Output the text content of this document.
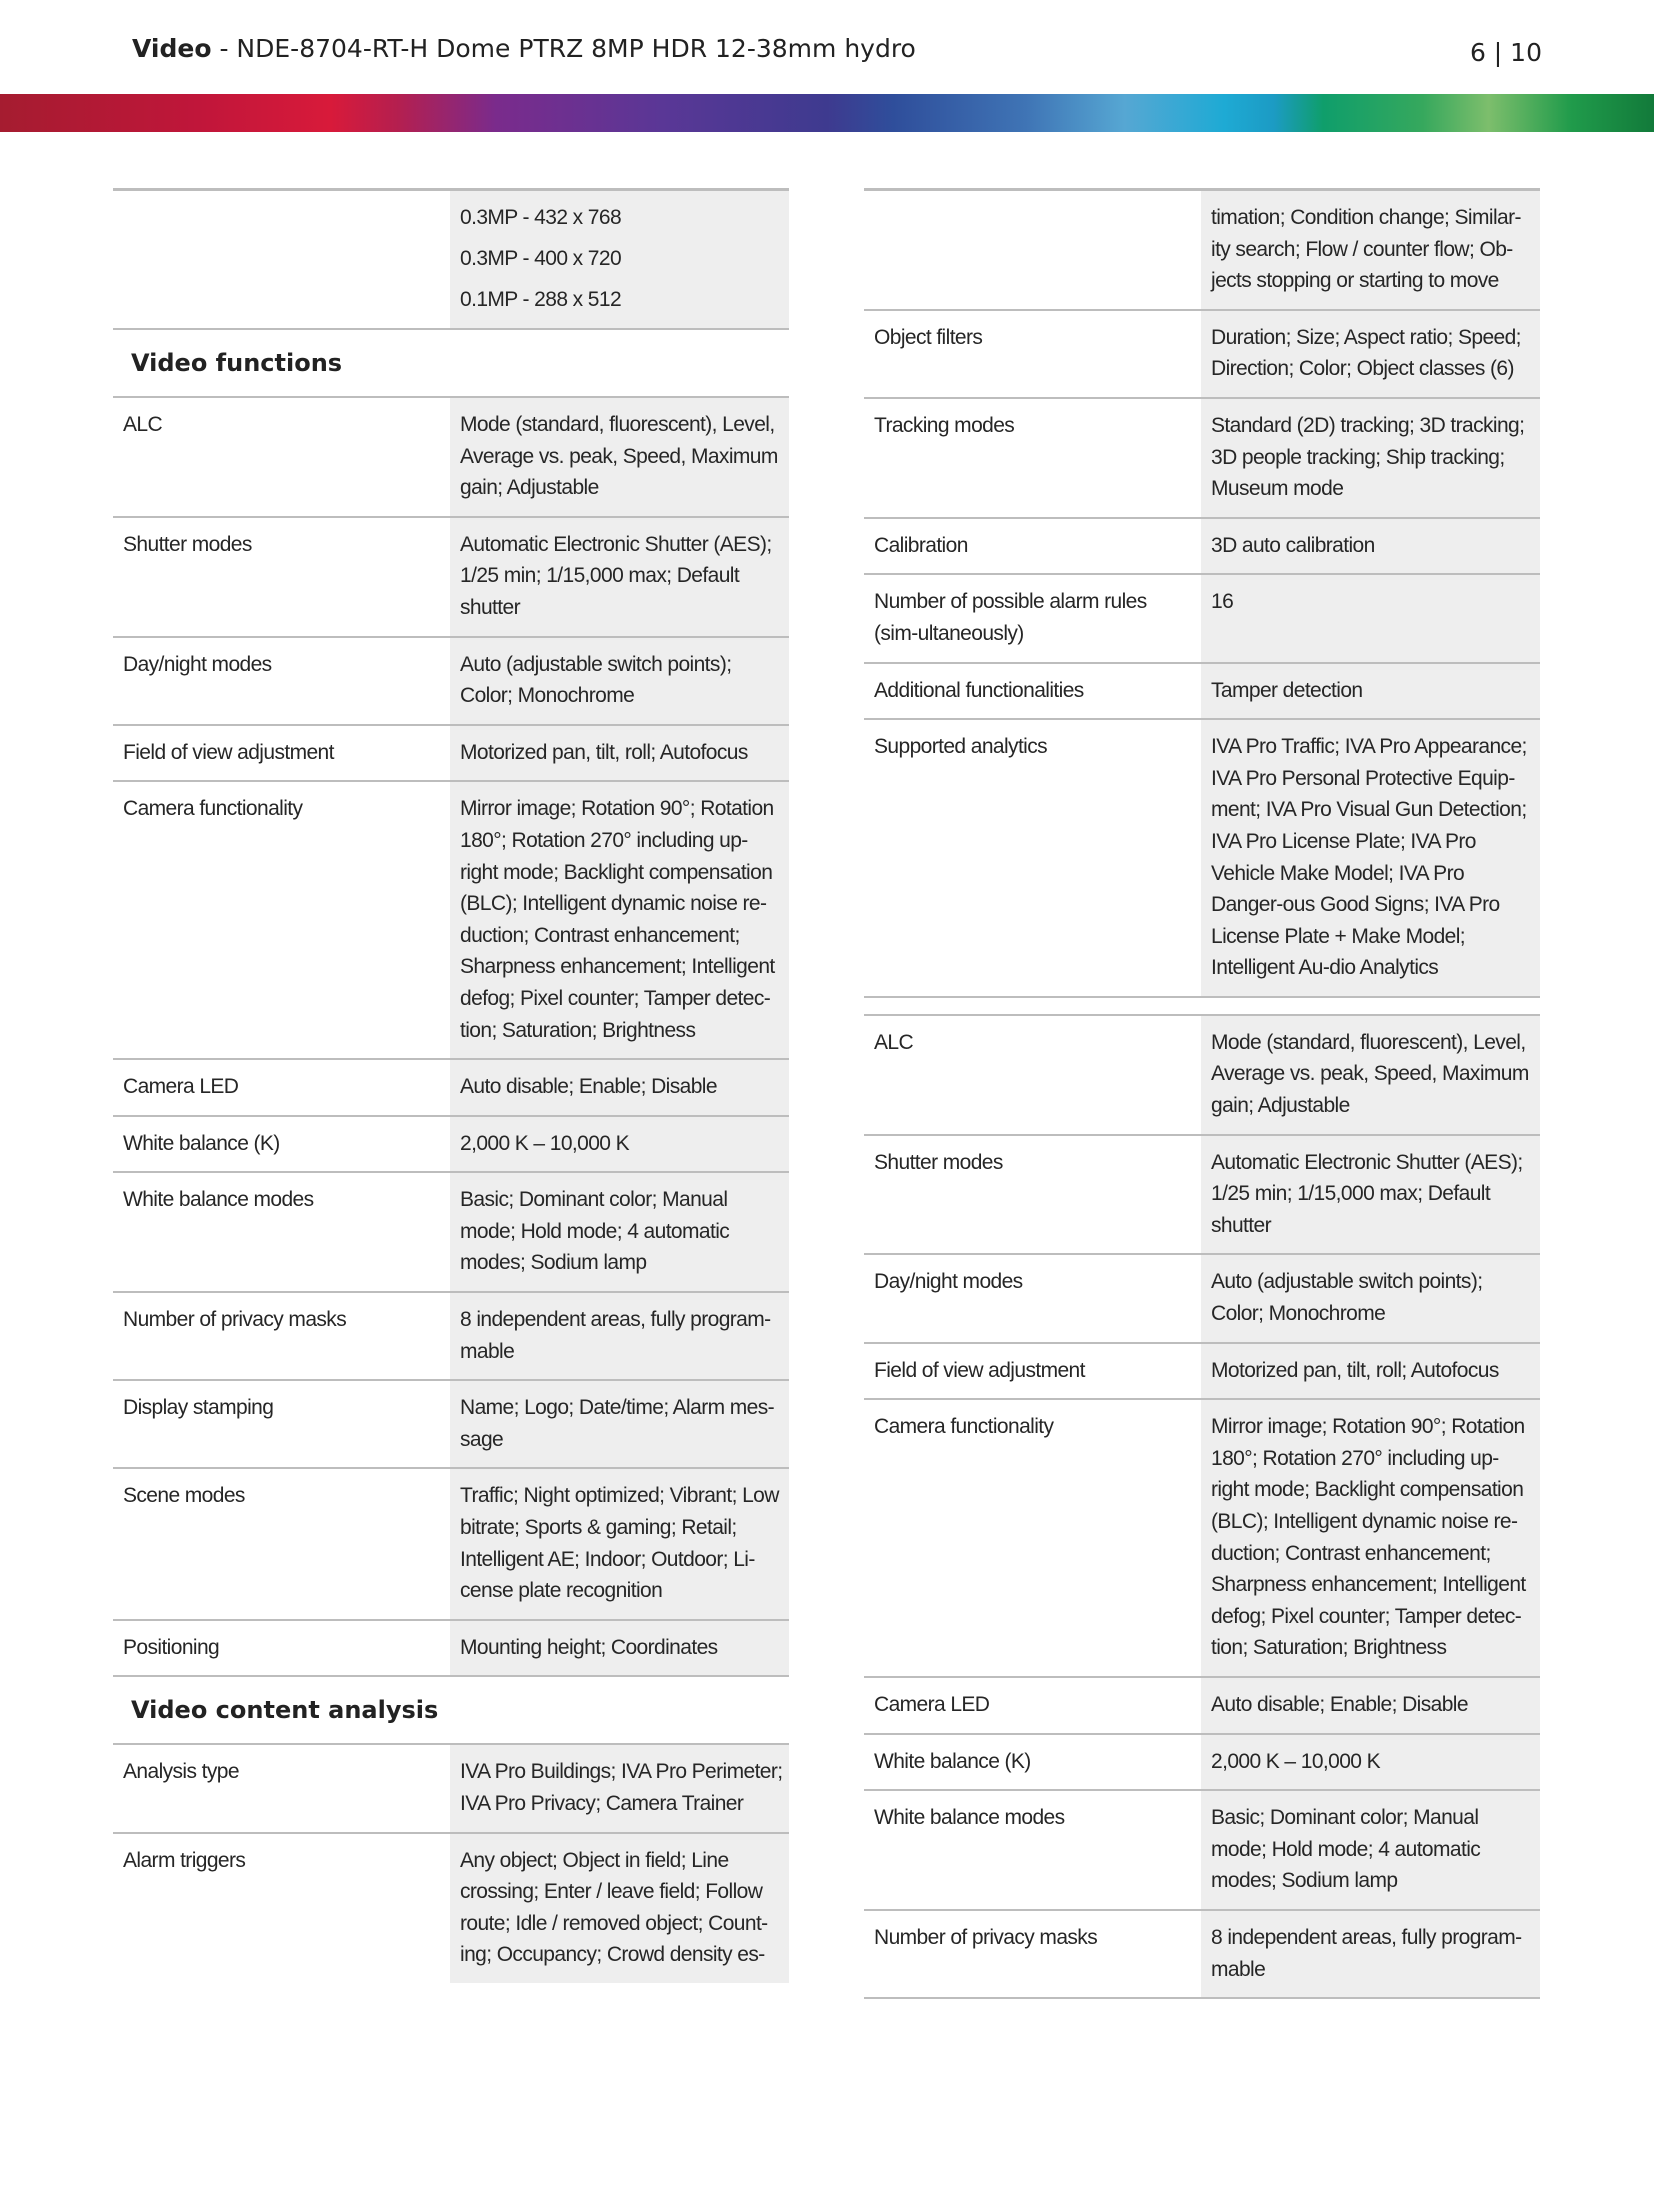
Video - NDE-8704-RT-H Dome PTRZ 8MP HDR 12-38mm hydro	6 | 10

	0.3MP - 432 x 768
0.3MP - 400 x 720
0.1MP - 288 x 512

Video functions	
ALC	Mode (standard, fluorescent), Level, Average vs. peak, Speed, Maximum gain; Adjustable
Shutter modes	Automatic Electronic Shutter (AES); 1/25 min; 1/15,000 max; Default shutter
Day/night modes	Auto (adjustable switch points); Color; Monochrome
Field of view adjustment	Motorized pan, tilt, roll; Autofocus
Camera functionality	Mirror image; Rotation 90°; Rotation 180°; Rotation 270° including up-right mode; Backlight compensation (BLC); Intelligent dynamic noise re-duction; Contrast enhancement; Sharpness enhancement; Intelligent defog; Pixel counter; Tamper detec-tion; Saturation; Brightness
Camera LED	Auto disable; Enable; Disable
White balance (K)	2,000 K – 10,000 K
White balance modes	Basic; Dominant color; Manual mode; Hold mode; 4 automatic modes; Sodium lamp
Number of privacy masks	8 independent areas, fully program-mable
Display stamping	Name; Logo; Date/time; Alarm mes-sage
Scene modes	Traffic; Night optimized; Vibrant; Low bitrate; Sports & gaming; Retail; Intelligent AE; Indoor; Outdoor; Li-cense plate recognition
Positioning	Mounting height; Coordinates
Video content analysis	
Analysis type	IVA Pro Buildings; IVA Pro Perimeter; IVA Pro Privacy; Camera Trainer
Alarm triggers	Any object; Object in field; Line crossing; Enter / leave field; Follow route; Idle / removed object; Count-ing; Occupancy; Crowd density es-
	timation; Condition change; Similar-ity search; Flow / counter flow; Ob-jects stopping or starting to move
Object filters	Duration; Size; Aspect ratio; Speed; Direction; Color; Object classes (6)
Tracking modes	Standard (2D) tracking; 3D tracking; 3D people tracking; Ship tracking; Museum mode
Calibration	3D auto calibration
Number of possible alarm rules (sim-ultaneously)	16
Additional functionalities	Tamper detection
Supported analytics	IVA Pro Traffic; IVA Pro Appearance; IVA Pro Personal Protective Equip-ment; IVA Pro Visual Gun Detection; IVA Pro License Plate; IVA Pro Vehicle Make Model; IVA Pro Danger-ous Good Signs; IVA Pro License Plate + Make Model; Intelligent Au-dio Analytics

ALC	Mode (standard, fluorescent), Level, Average vs. peak, Speed, Maximum gain; Adjustable
Shutter modes	Automatic Electronic Shutter (AES); 1/25 min; 1/15,000 max; Default shutter
Day/night modes	Auto (adjustable switch points); Color; Monochrome
Field of view adjustment	Motorized pan, tilt, roll; Autofocus
Camera functionality	Mirror image; Rotation 90°; Rotation 180°; Rotation 270° including up-right mode; Backlight compensation (BLC); Intelligent dynamic noise re-duction; Contrast enhancement; Sharpness enhancement; Intelligent defog; Pixel counter; Tamper detec-tion; Saturation; Brightness
Camera LED	Auto disable; Enable; Disable
White balance (K)	2,000 K – 10,000 K
White balance modes	Basic; Dominant color; Manual mode; Hold mode; 4 automatic modes; Sodium lamp
Number of privacy masks	8 independent areas, fully program-mable
